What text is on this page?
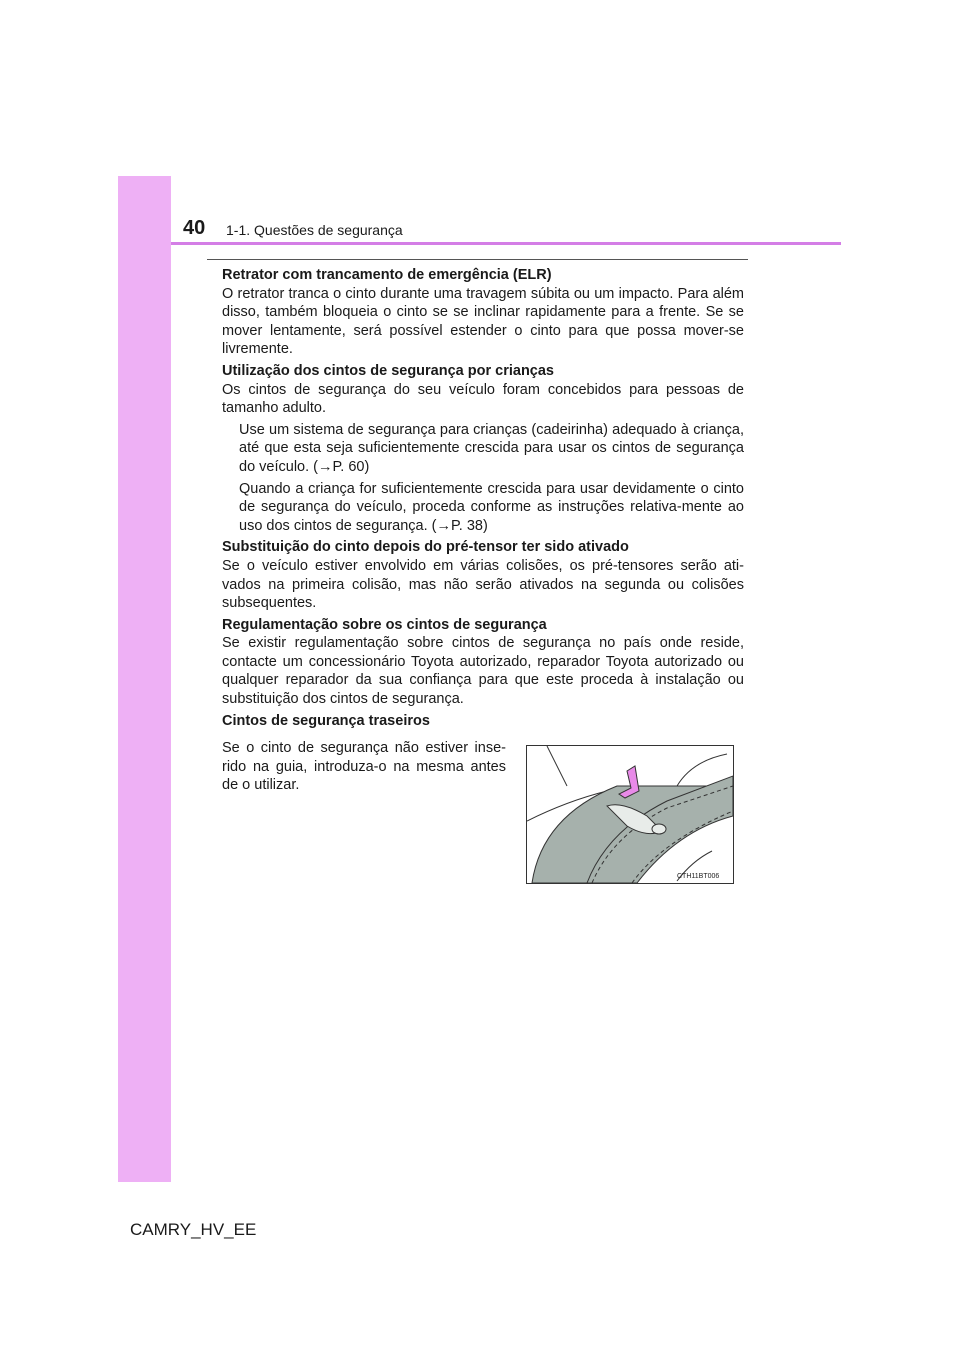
40 1-1. Questões de segurança
Retrator com trancamento de emergência (ELR)

O retrator tranca o cinto durante uma travagem súbita ou um impacto. Para além disso, também bloqueia o cinto se se inclinar rapidamente para a frente. Se se mover lentamente, será possível estender o cinto para que possa mover-se livremente.

Utilização dos cintos de segurança por crianças

Os cintos de segurança do seu veículo foram concebidos para pessoas de tamanho adulto.

Use um sistema de segurança para crianças (cadeirinha) adequado à criança, até que esta seja suficientemente crescida para usar os cintos de segurança do veículo. (→P. 60)

Quando a criança for suficientemente crescida para usar devidamente o cinto de segurança do veículo, proceda conforme as instruções relativa-mente ao uso dos cintos de segurança. (→P. 38)

Substituição do cinto depois do pré-tensor ter sido ativado

Se o veículo estiver envolvido em várias colisões, os pré-tensores serão ati-vados na primeira colisão, mas não serão ativados na segunda ou colisões subsequentes.

Regulamentação sobre os cintos de segurança

Se existir regulamentação sobre cintos de segurança no país onde reside, contacte um concessionário Toyota autorizado, reparador Toyota autorizado ou qualquer reparador da sua confiança para que este proceda à instalação ou substituição dos cintos de segurança.

Cintos de segurança traseiros

Se o cinto de segurança não estiver inse-rido na guia, introduza-o na mesma antes de o utilizar.

CTH11BT006
CAMRY_HV_EE
